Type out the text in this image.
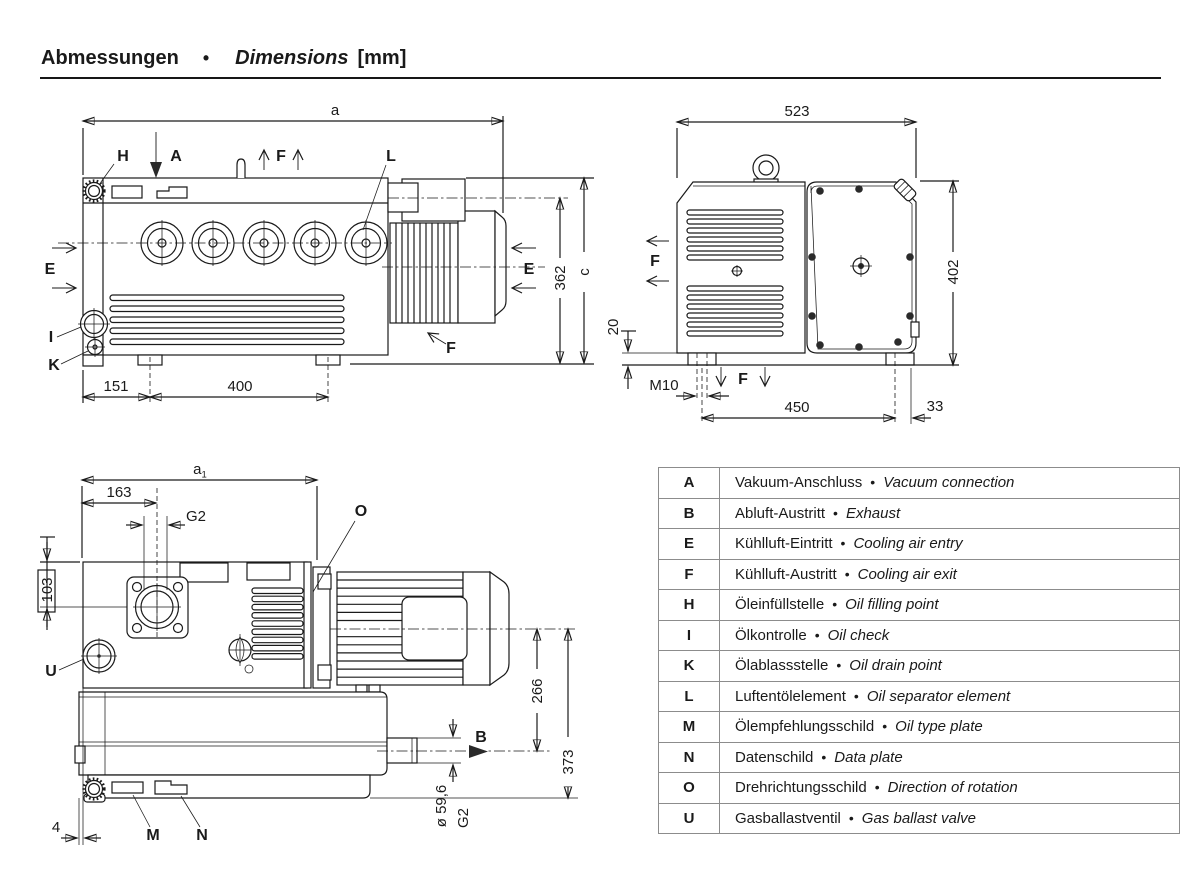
Abmessungen • Dimensions [mm]
a
c
362
151	400
H	A	F	L
E	E
I
K
F
523
402
20
M10
450	33
F
F
$a_1$
163
G2
103
266
373
ø 59,6 G2
4
O
U
B
M N
A	Vakuum-Anschluss • Vacuum connection
B	Abluft-Austritt • Exhaust
E	Kühlluft-Eintritt • Cooling air entry
F	Kühlluft-Austritt • Cooling air exit
H	Öleinfüllstelle • Oil filling point
I	Ölkontrolle • Oil check
K	Ölablassstelle • Oil drain point
L	Luftentölelement • Oil separator element
M	Ölempfehlungsschild • Oil type plate
N	Datenschild • Data plate
O	Drehrichtungsschild • Direction of rotation
U	Gasballastventil • Gas ballast valve
